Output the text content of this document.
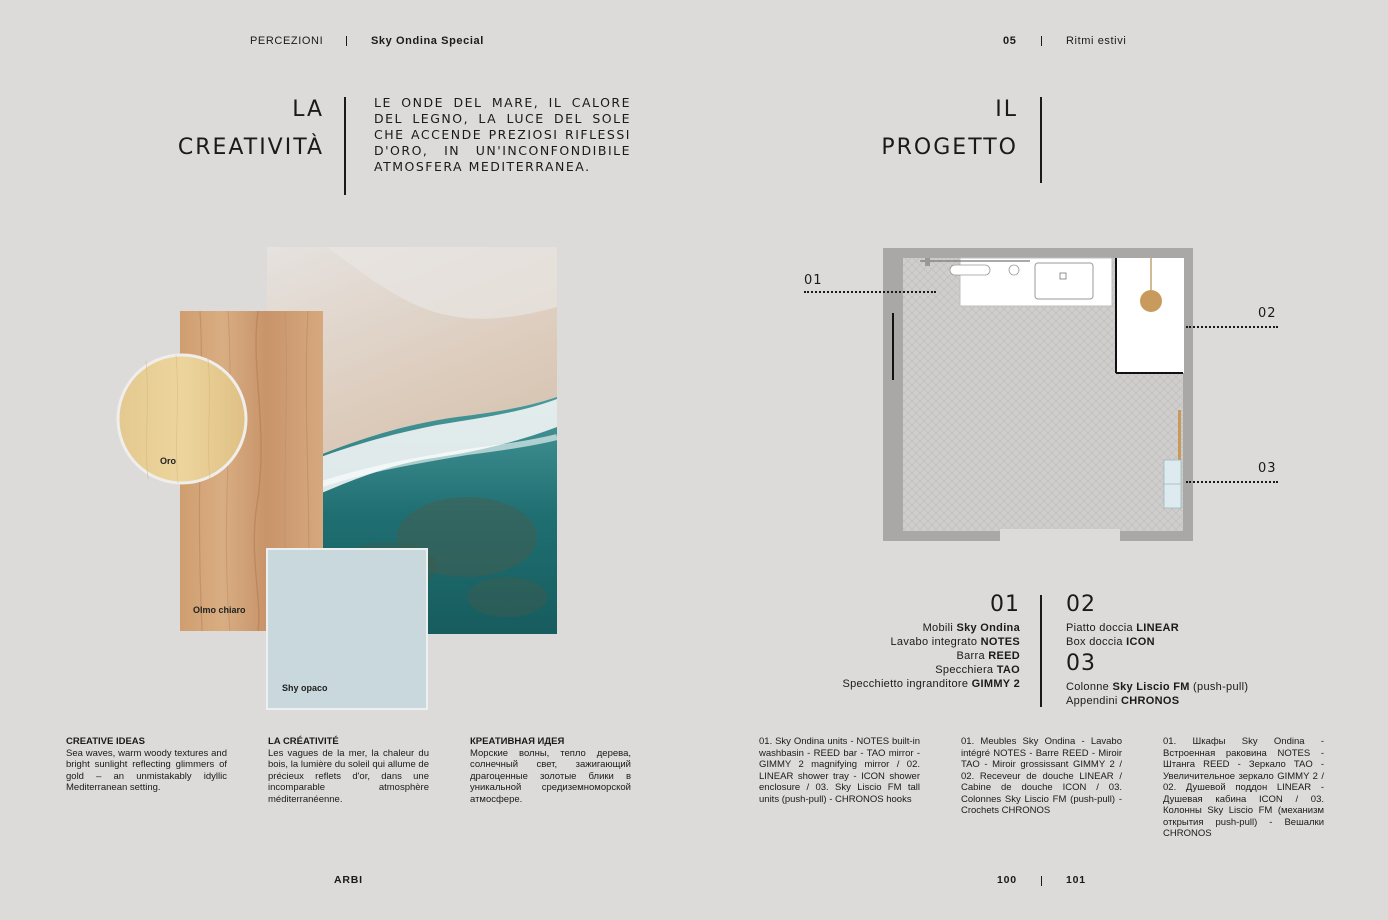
PERCEZIONI	Sky Ondina Special	05	Ritmi estivi
LA
CREATIVITÀ
LE ONDE DEL MARE, IL CALORE DEL LEGNO, LA LUCE DEL SOLE CHE ACCENDE PREZIOSI RIFLESSI D'ORO, IN UN'INCONFONDIBILE ATMOSFERA MEDITERRANEA.
IL
PROGETTO
Olmo chiaro
Oro
Shy opaco
CREATIVE IDEAS
Sea waves, warm woody textures and bright sunlight reflecting glimmers of gold – an unmistakably idyllic Mediterranean setting.
LA CRÉATIVITÉ
Les vagues de la mer, la chaleur du bois, la lumière du soleil qui allume de précieux reflets d'or, dans une incomparable atmosphère méditerranéenne.
КРЕАТИВНАЯ ИДЕЯ
Морские волны, тепло дерева, солнечный свет, зажигающий драгоценные золотые блики в уникальной средиземноморской атмосфере.
01
02
03
01
Mobili Sky Ondina
Lavabo integrato NOTES
Barra REED
Specchiera TAO
Specchietto ingranditore GIMMY 2
02
Piatto doccia LINEAR
Box doccia ICON
03
Colonne Sky Liscio FM (push-pull)
Appendini CHRONOS
01. Sky Ondina units - NOTES built-in washbasin - REED bar - TAO mirror - GIMMY 2 magnifying mirror / 02. LINEAR shower tray - ICON shower enclosure / 03. Sky Liscio FM tall units (push-pull) - CHRONOS hooks
01. Meubles Sky Ondina - Lavabo intégré NOTES - Barre REED - Miroir TAO - Miroir grossissant GIMMY 2 / 02. Receveur de douche LINEAR / Cabine de douche ICON / 03. Colonnes Sky Liscio FM (push-pull) - Crochets CHRONOS
01. Шкафы Sky Ondina - Встроенная раковина NOTES - Штанга REED - Зеркало TAO - Увеличительное зеркало GIMMY 2 / 02. Душевой поддон LINEAR - Душевая кабина ICON / 03. Колонны Sky Liscio FM (механизм открытия push-pull) - Вешалки CHRONOS
ARBI	100	101
